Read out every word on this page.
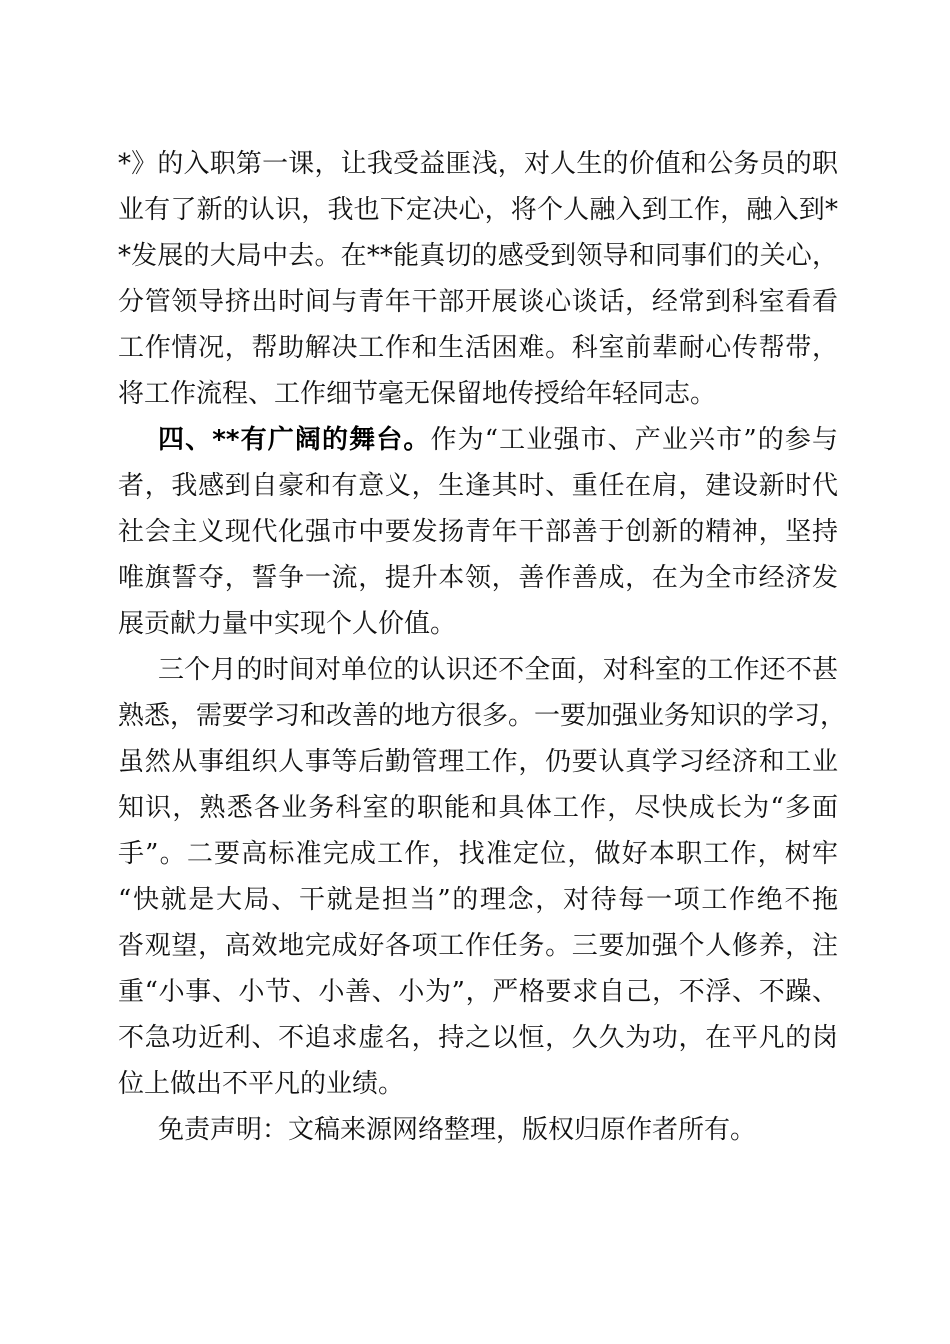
*》的入职第一课，让我受益匪浅，对人生的价值和公务员的职
业有了新的认识，我也下定决心，将个人融入到工作，融入到*
*发展的大局中去。在**能真切的感受到领导和同事们的关心，
分管领导挤出时间与青年干部开展谈心谈话，经常到科室看看
工作情况，帮助解决工作和生活困难。科室前辈耐心传帮带，
将工作流程、工作细节毫无保留地传授给年轻同志。
四、**有广阔的舞台。作为“工业强市、产业兴市”的参与
者，我感到自豪和有意义，生逢其时、重任在肩，建设新时代
社会主义现代化强市中要发扬青年干部善于创新的精神，坚持
唯旗誓夺，誓争一流，提升本领，善作善成，在为全市经济发
展贡献力量中实现个人价值。
三个月的时间对单位的认识还不全面，对科室的工作还不甚
熟悉，需要学习和改善的地方很多。一要加强业务知识的学习，
虽然从事组织人事等后勤管理工作，仍要认真学习经济和工业
知识，熟悉各业务科室的职能和具体工作，尽快成长为“多面
手”。二要高标准完成工作，找准定位，做好本职工作，树牢
“快就是大局、干就是担当”的理念，对待每一项工作绝不拖
沓观望，高效地完成好各项工作任务。三要加强个人修养，注
重“小事、小节、小善、小为”，严格要求自己，不浮、不躁、
不急功近利、不追求虚名，持之以恒，久久为功，在平凡的岗
位上做出不平凡的业绩。
免责声明：文稿来源网络整理，版权归原作者所有。
